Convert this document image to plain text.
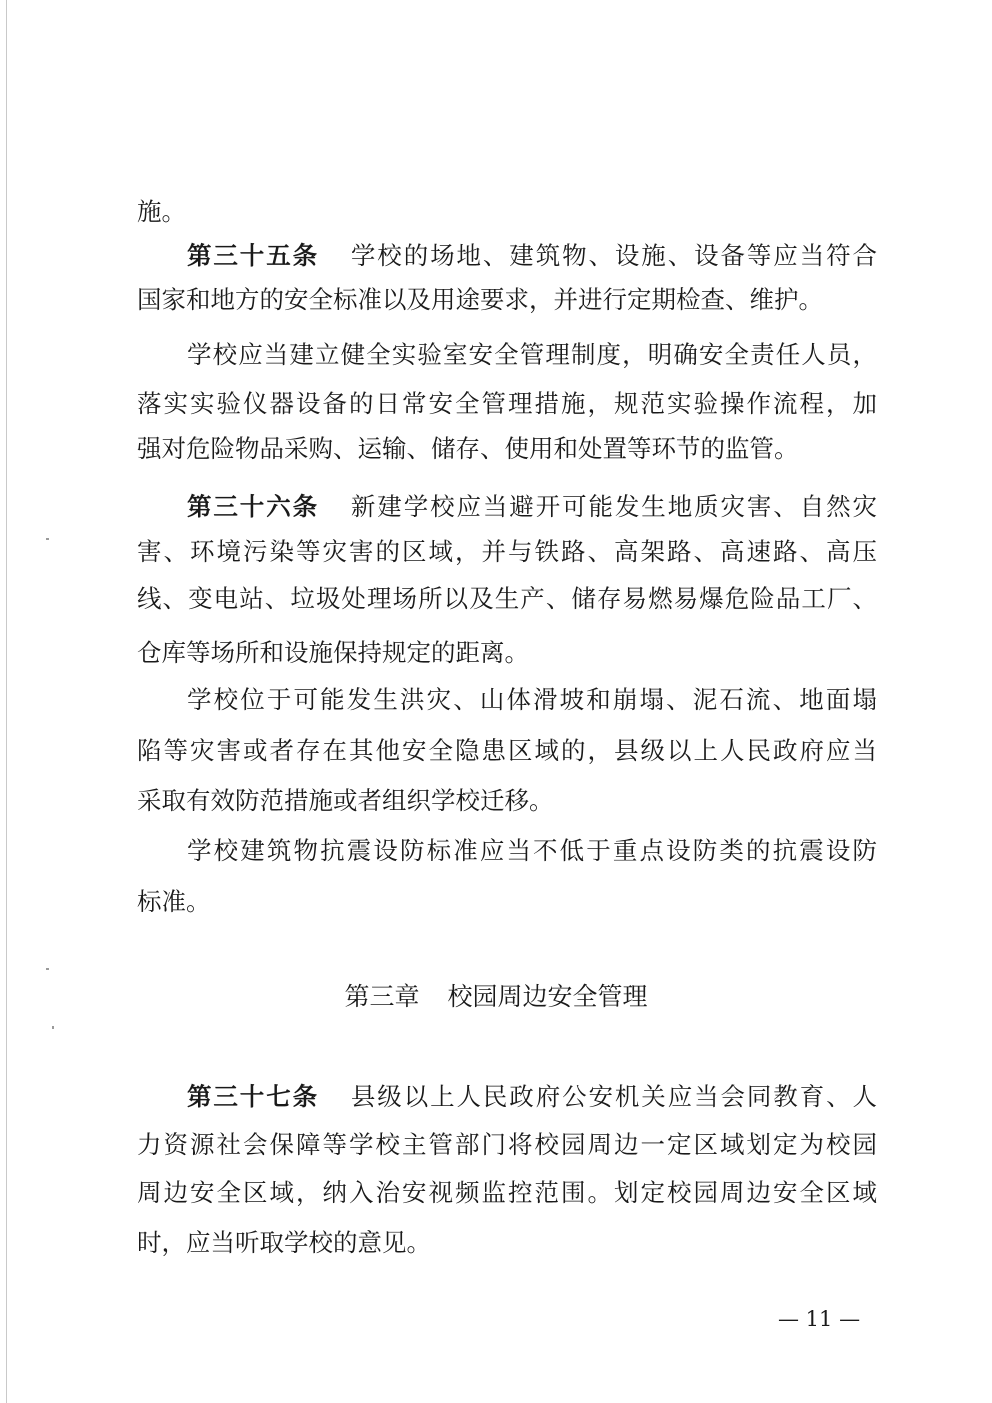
施。
第三十五条 学校的场地、建筑物、设施、设备等应当符合
国家和地方的安全标准以及用途要求，并进行定期检查、维护。
学校应当建立健全实验室安全管理制度，明确安全责任人员，
落实实验仪器设备的日常安全管理措施，规范实验操作流程，加
强对危险物品采购、运输、储存、使用和处置等环节的监管。
第三十六条 新建学校应当避开可能发生地质灾害、自然灾
害、环境污染等灾害的区域，并与铁路、高架路、高速路、高压
线、变电站、垃圾处理场所以及生产、储存易燃易爆危险品工厂、
仓库等场所和设施保持规定的距离。
学校位于可能发生洪灾、山体滑坡和崩塌、泥石流、地面塌
陷等灾害或者存在其他安全隐患区域的，县级以上人民政府应当
采取有效防范措施或者组织学校迁移。
学校建筑物抗震设防标准应当不低于重点设防类的抗震设防
标准。
第三章 校园周边安全管理
第三十七条 县级以上人民政府公安机关应当会同教育、人
力资源社会保障等学校主管部门将校园周边一定区域划定为校园
周边安全区域，纳入治安视频监控范围。划定校园周边安全区域
时，应当听取学校的意见。
— 11 —
